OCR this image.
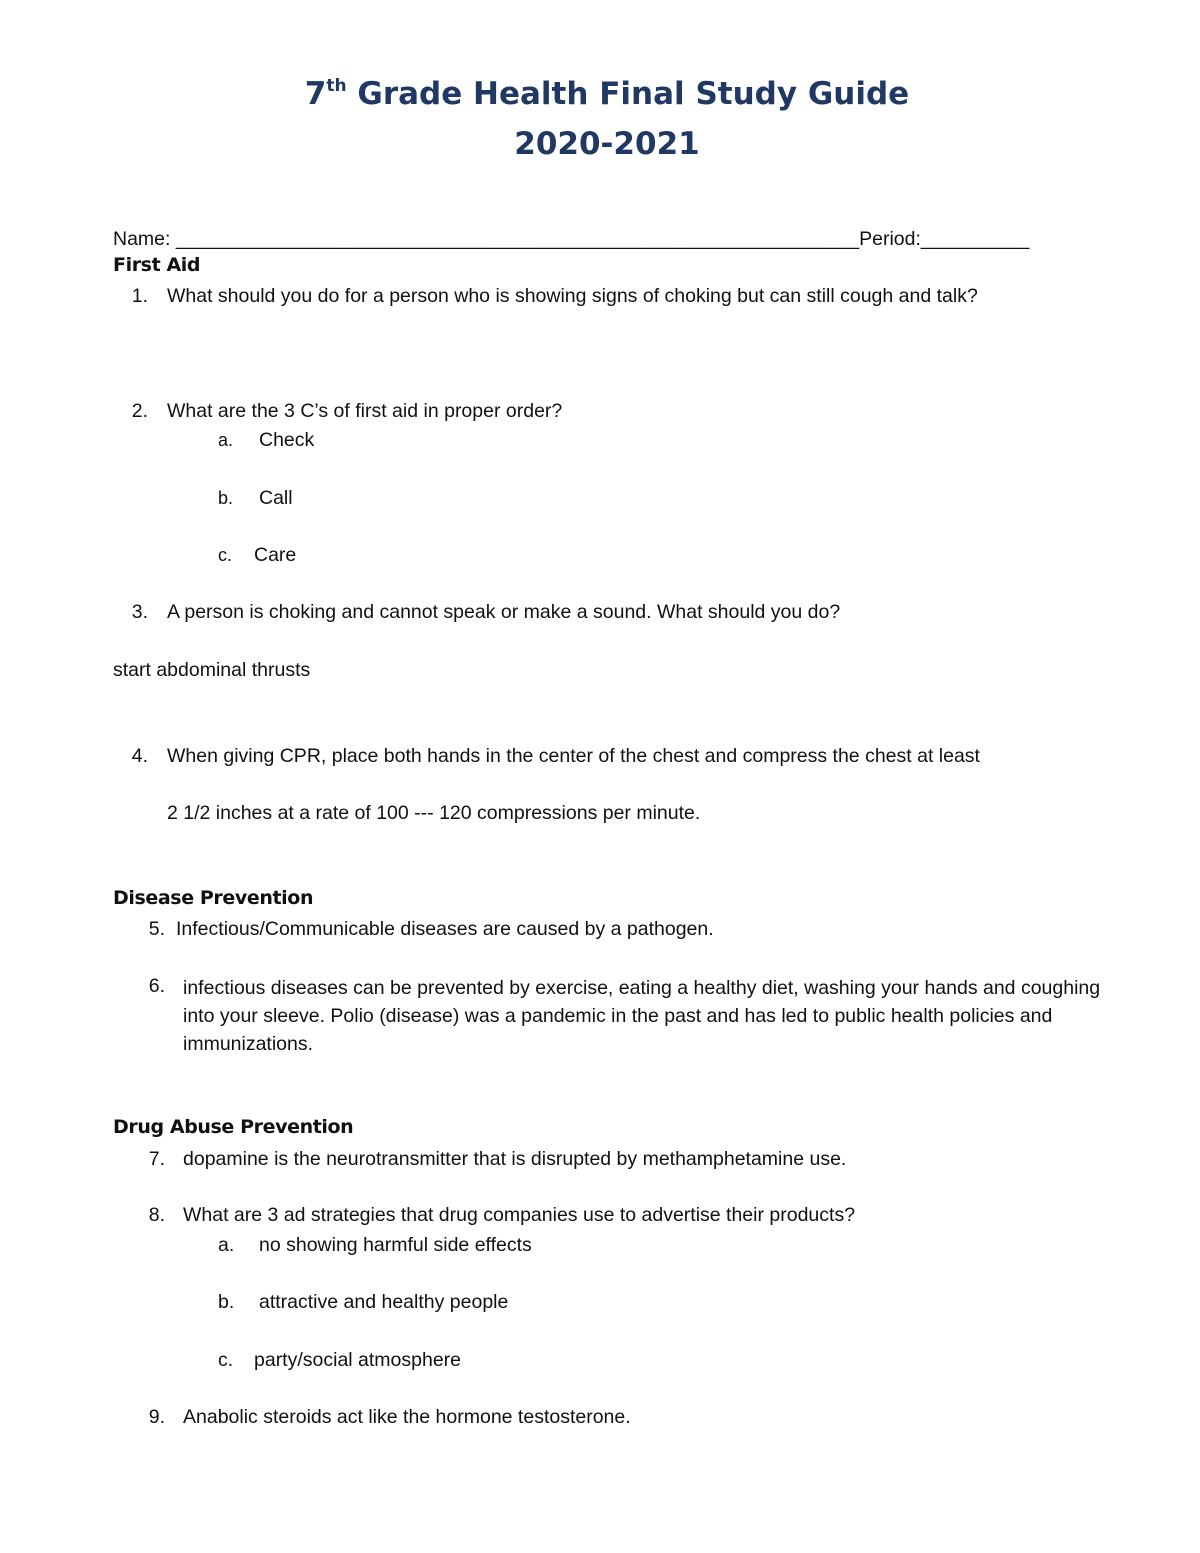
7th Grade Health Final Study Guide
2020-2021
Name: _______________________________________________________________Period:__________
First Aid
1. What should you do for a person who is showing signs of choking but can still cough and talk?
2. What are the 3 C’s of first aid in proper order?
a. Check
b. Call
c. Care
3. A person is choking and cannot speak or make a sound. What should you do?
start abdominal thrusts
4. When giving CPR, place both hands in the center of the chest and compress the chest at least
2 1/2 inches at a rate of 100 --- 120 compressions per minute.
Disease Prevention
5. Infectious/Communicable diseases are caused by a pathogen.
6. infectious diseases can be prevented by exercise, eating a healthy diet, washing your hands and coughing into your sleeve. Polio (disease) was a pandemic in the past and has led to public health policies and immunizations.
Drug Abuse Prevention
7. dopamine is the neurotransmitter that is disrupted by methamphetamine use.
8. What are 3 ad strategies that drug companies use to advertise their products?
a. no showing harmful side effects
b. attractive and healthy people
c. party/social atmosphere
9. Anabolic steroids act like the hormone testosterone.
